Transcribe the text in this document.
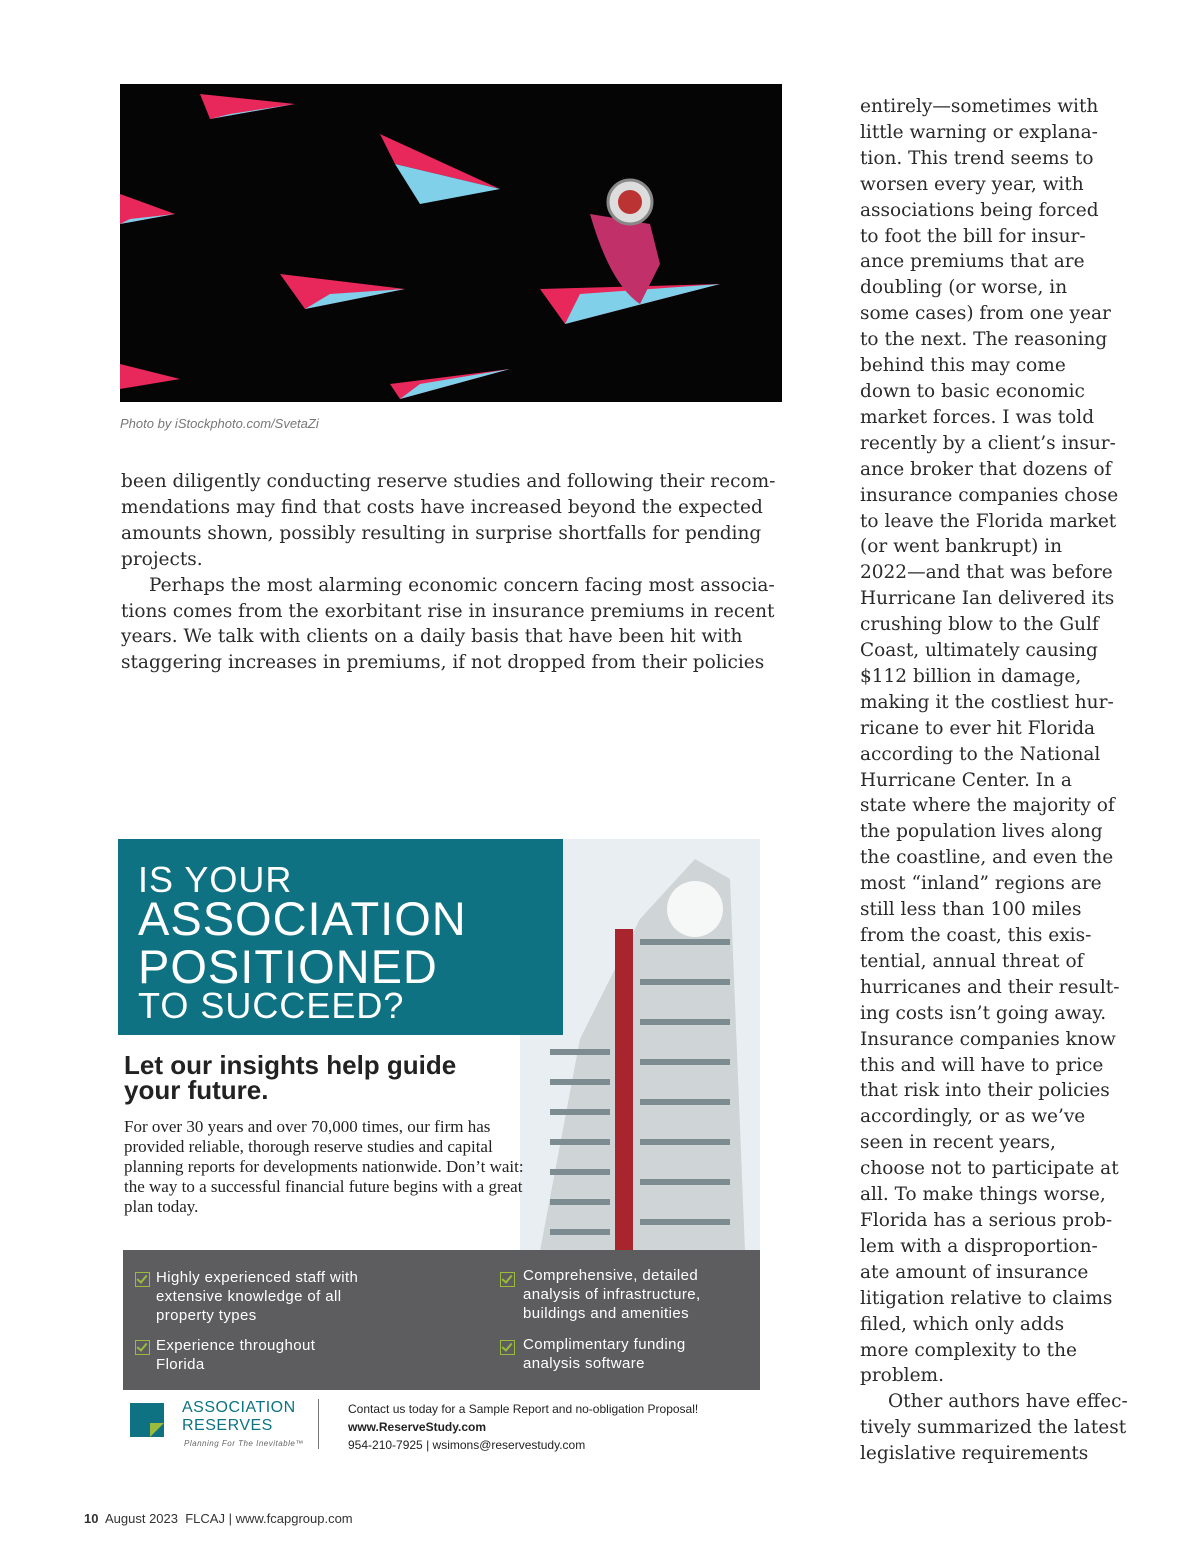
Photo by iStockphoto.com/SvetaZi
been diligently conducting reserve studies and following their recom-
mendations may find that costs have increased beyond the expected
amounts shown, possibly resulting in surprise shortfalls for pending
projects.
Perhaps the most alarming economic concern facing most associa-
tions comes from the exorbitant rise in insurance premiums in recent
years. We talk with clients on a daily basis that have been hit with
staggering increases in premiums, if not dropped from their policies
entirely—sometimes with
little warning or explana-
tion. This trend seems to
worsen every year, with
associations being forced
to foot the bill for insur-
ance premiums that are
doubling (or worse, in
some cases) from one year
to the next. The reasoning
behind this may come
down to basic economic
market forces. I was told
recently by a client’s insur-
ance broker that dozens of
insurance companies chose
to leave the Florida market
(or went bankrupt) in
2022—and that was before
Hurricane Ian delivered its
crushing blow to the Gulf
Coast, ultimately causing
$112 billion in damage,
making it the costliest hur-
ricane to ever hit Florida
according to the National
Hurricane Center. In a
state where the majority of
the population lives along
the coastline, and even the
most “inland” regions are
still less than 100 miles
from the coast, this exis-
tential, annual threat of
hurricanes and their result-
ing costs isn’t going away.
Insurance companies know
this and will have to price
that risk into their policies
accordingly, or as we’ve
seen in recent years,
choose not to participate at
all. To make things worse,
Florida has a serious prob-
lem with a disproportion-
ate amount of insurance
litigation relative to claims
filed, which only adds
more complexity to the
problem.
Other authors have effec-
tively summarized the latest
legislative requirements
IS YOUR
ASSOCIATION
POSITIONED
TO SUCCEED?
Let our insights help guide
your future.
For over 30 years and over 70,000 times, our firm has provided reliable, thorough reserve studies and capital planning reports for developments nationwide. Don’t wait: the way to a successful financial future begins with a great plan today.
Highly experienced staff with extensive knowledge of all property types
Experience throughout Florida
Comprehensive, detailed analysis of infrastructure, buildings and amenities
Complimentary funding analysis software
ASSOCIATION
RESERVES
Planning For The Inevitable™
Contact us today for a Sample Report and no-obligation Proposal!
www.ReserveStudy.com
954-210-7925 | wsimons@reservestudy.com
10 August 2023 FLCAJ | www.fcapgroup.com
